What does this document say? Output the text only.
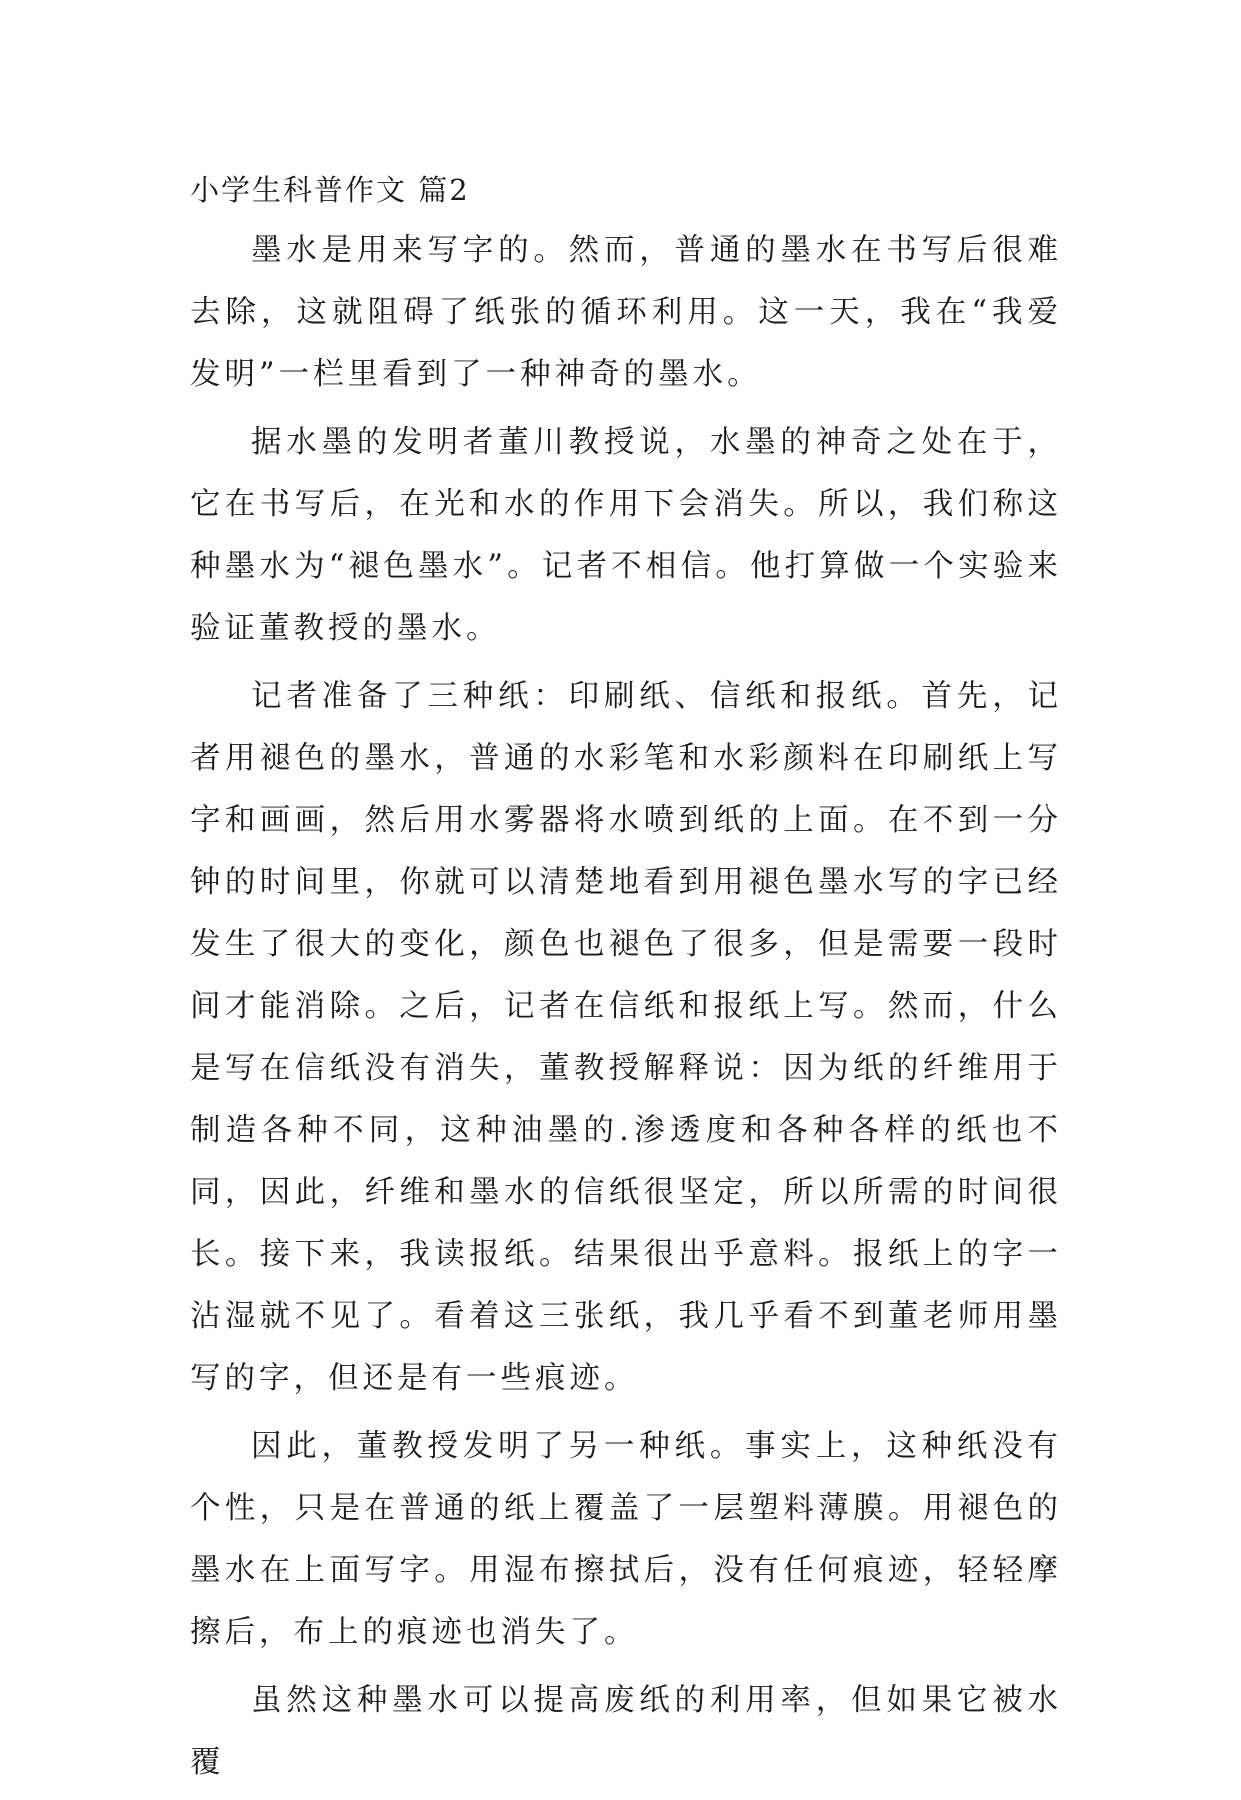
小学生科普作文 篇2

墨水是用来写字的。然而，普通的墨水在书写后很难去除，这就阻碍了纸张的循环利用。这一天，我在“我爱发明”一栏里看到了一种神奇的墨水。

据水墨的发明者董川教授说，水墨的神奇之处在于，它在书写后，在光和水的作用下会消失。所以，我们称这种墨水为“褪色墨水”。记者不相信。他打算做一个实验来验证董教授的墨水。

记者准备了三种纸：印刷纸、信纸和报纸。首先，记者用褪色的墨水，普通的水彩笔和水彩颜料在印刷纸上写字和画画，然后用水雾器将水喷到纸的上面。在不到一分钟的时间里，你就可以清楚地看到用褪色墨水写的字已经发生了很大的变化，颜色也褪色了很多，但是需要一段时间才能消除。之后，记者在信纸和报纸上写。然而，什么是写在信纸没有消失，董教授解释说：因为纸的纤维用于制造各种不同，这种油墨的.渗透度和各种各样的纸也不同，因此，纤维和墨水的信纸很坚定，所以所需的时间很长。接下来，我读报纸。结果很出乎意料。报纸上的字一沾湿就不见了。看着这三张纸，我几乎看不到董老师用墨写的字，但还是有一些痕迹。

因此，董教授发明了另一种纸。事实上，这种纸没有个性，只是在普通的纸上覆盖了一层塑料薄膜。用褪色的墨水在上面写字。用湿布擦拭后，没有任何痕迹，轻轻摩擦后，布上的痕迹也消失了。

虽然这种墨水可以提高废纸的利用率，但如果它被水覆
